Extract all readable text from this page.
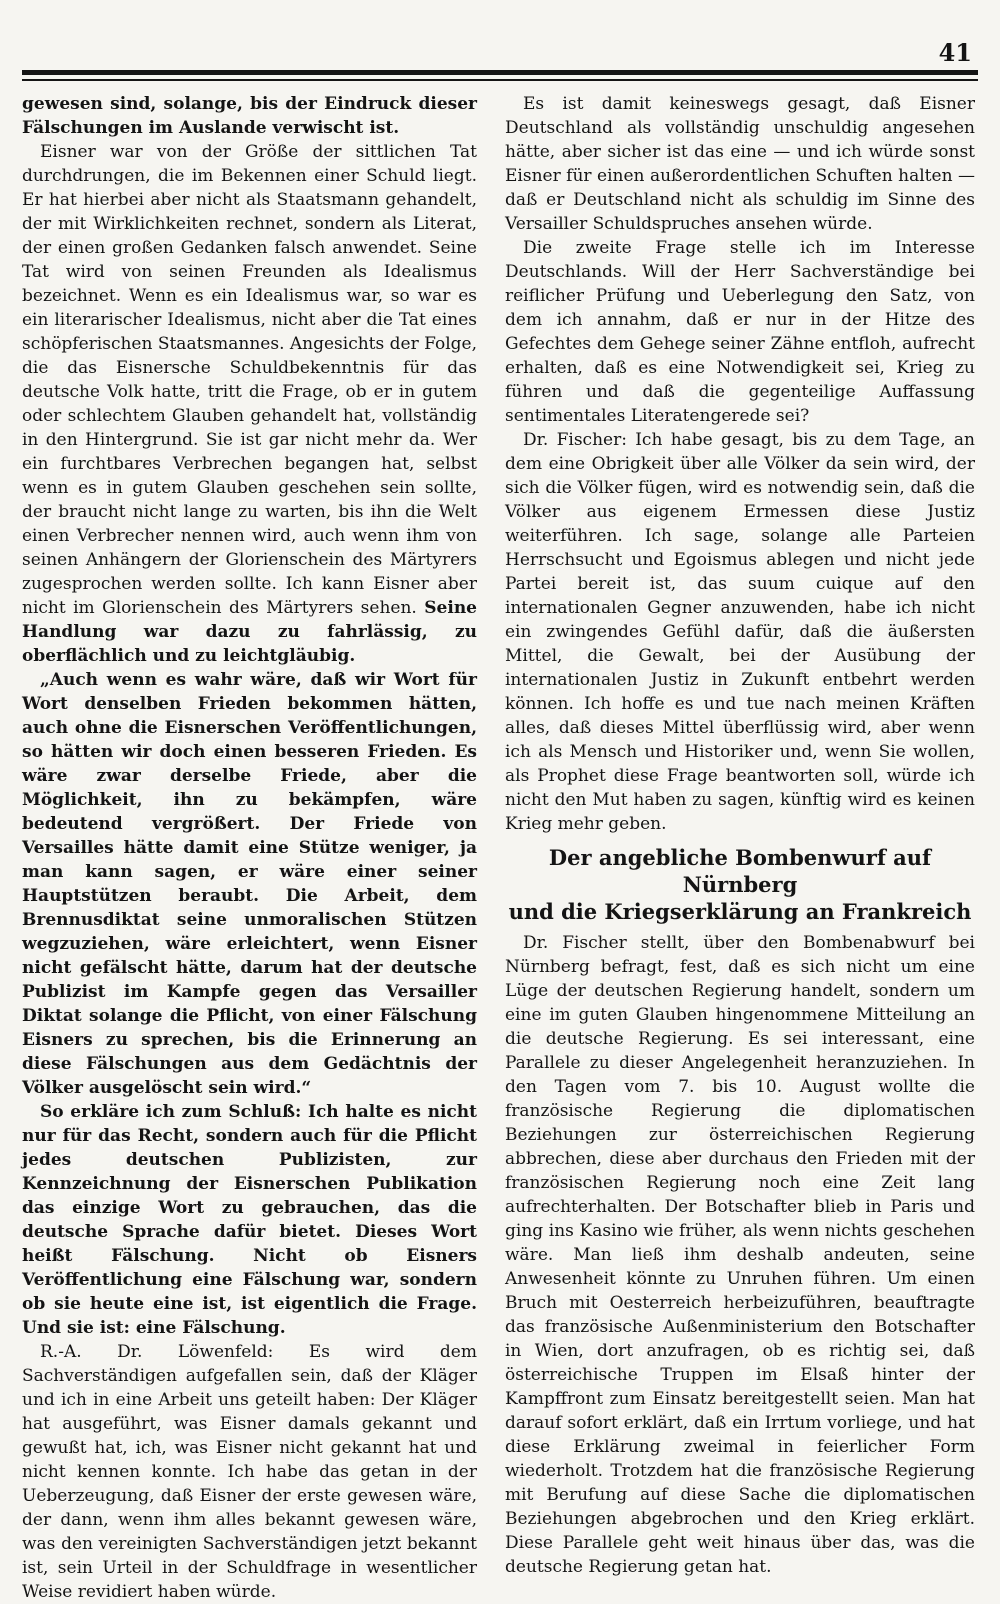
41

gewesen sind, solange, bis der Eindruck dieser Fälschungen im Auslande verwischt ist.

Eisner war von der Größe der sittlichen Tat durchdrungen, die im Bekennen einer Schuld liegt. Er hat hierbei aber nicht als Staatsmann gehandelt, der mit Wirklichkeiten rechnet, sondern als Literat, der einen großen Gedanken falsch anwendet. Seine Tat wird von seinen Freunden als Idealismus bezeichnet. Wenn es ein Idealismus war, so war es ein literarischer Idealismus, nicht aber die Tat eines schöpferischen Staatsmannes. Angesichts der Folge, die das Eisnersche Schuldbekenntnis für das deutsche Volk hatte, tritt die Frage, ob er in gutem oder schlechtem Glauben gehandelt hat, vollständig in den Hintergrund. Sie ist gar nicht mehr da. Wer ein furchtbares Verbrechen begangen hat, selbst wenn es in gutem Glauben geschehen sein sollte, der braucht nicht lange zu warten, bis ihn die Welt einen Verbrecher nennen wird, auch wenn ihm von seinen Anhängern der Glorienschein des Märtyrers zugesprochen werden sollte. Ich kann Eisner aber nicht im Glorienschein des Märtyrers sehen. Seine Handlung war dazu zu fahrlässig, zu oberflächlich und zu leichtgläubig.

„Auch wenn es wahr wäre, daß wir Wort für Wort denselben Frieden bekommen hätten, auch ohne die Eisnerschen Veröffentlichungen, so hätten wir doch einen besseren Frieden. Es wäre zwar derselbe Friede, aber die Möglichkeit, ihn zu bekämpfen, wäre bedeutend vergrößert. Der Friede von Versailles hätte damit eine Stütze weniger, ja man kann sagen, er wäre einer seiner Hauptstützen beraubt. Die Arbeit, dem Brennusdiktat seine unmoralischen Stützen wegzuziehen, wäre erleichtert, wenn Eisner nicht gefälscht hätte, darum hat der deutsche Publizist im Kampfe gegen das Versailler Diktat solange die Pflicht, von einer Fälschung Eisners zu sprechen, bis die Erinnerung an diese Fälschungen aus dem Gedächtnis der Völker ausgelöscht sein wird.“

So erkläre ich zum Schluß: Ich halte es nicht nur für das Recht, sondern auch für die Pflicht jedes deutschen Publizisten, zur Kennzeichnung der Eisnerschen Publikation das einzige Wort zu gebrauchen, das die deutsche Sprache dafür bietet. Dieses Wort heißt Fälschung. Nicht ob Eisners Veröffentlichung eine Fälschung war, sondern ob sie heute eine ist, ist eigentlich die Frage. Und sie ist: eine Fälschung.

R.-A. Dr. Löwenfeld: Es wird dem Sachverständigen aufgefallen sein, daß der Kläger und ich in eine Arbeit uns geteilt haben: Der Kläger hat ausgeführt, was Eisner damals gekannt und gewußt hat, ich, was Eisner nicht gekannt hat und nicht kennen konnte. Ich habe das getan in der Ueberzeugung, daß Eisner der erste gewesen wäre, der dann, wenn ihm alles bekannt gewesen wäre, was den vereinigten Sachverständigen jetzt bekannt ist, sein Urteil in der Schuldfrage in wesentlicher Weise revidiert haben würde.

Es ist damit keineswegs gesagt, daß Eisner Deutschland als vollständig unschuldig angesehen hätte, aber sicher ist das eine — und ich würde sonst Eisner für einen außerordentlichen Schuften halten — daß er Deutschland nicht als schuldig im Sinne des Versailler Schuldspruches ansehen würde.

Die zweite Frage stelle ich im Interesse Deutschlands. Will der Herr Sachverständige bei reiflicher Prüfung und Ueberlegung den Satz, von dem ich annahm, daß er nur in der Hitze des Gefechtes dem Gehege seiner Zähne entfloh, aufrecht erhalten, daß es eine Notwendigkeit sei, Krieg zu führen und daß die gegenteilige Auffassung sentimentales Literatengerede sei?

Dr. Fischer: Ich habe gesagt, bis zu dem Tage, an dem eine Obrigkeit über alle Völker da sein wird, der sich die Völker fügen, wird es notwendig sein, daß die Völker aus eigenem Ermessen diese Justiz weiterführen. Ich sage, solange alle Parteien Herrschsucht und Egoismus ablegen und nicht jede Partei bereit ist, das suum cuique auf den internationalen Gegner anzuwenden, habe ich nicht ein zwingendes Gefühl dafür, daß die äußersten Mittel, die Gewalt, bei der Ausübung der internationalen Justiz in Zukunft entbehrt werden können. Ich hoffe es und tue nach meinen Kräften alles, daß dieses Mittel überflüssig wird, aber wenn ich als Mensch und Historiker und, wenn Sie wollen, als Prophet diese Frage beantworten soll, würde ich nicht den Mut haben zu sagen, künftig wird es keinen Krieg mehr geben.

Der angebliche Bombenwurf auf Nürnberg
und die Kriegserklärung an Frankreich

Dr. Fischer stellt, über den Bombenabwurf bei Nürnberg befragt, fest, daß es sich nicht um eine Lüge der deutschen Regierung handelt, sondern um eine im guten Glauben hingenommene Mitteilung an die deutsche Regierung. Es sei interessant, eine Parallele zu dieser Angelegenheit heranzuziehen. In den Tagen vom 7. bis 10. August wollte die französische Regierung die diplomatischen Beziehungen zur österreichischen Regierung abbrechen, diese aber durchaus den Frieden mit der französischen Regierung noch eine Zeit lang aufrechterhalten. Der Botschafter blieb in Paris und ging ins Kasino wie früher, als wenn nichts geschehen wäre. Man ließ ihm deshalb andeuten, seine Anwesenheit könnte zu Unruhen führen. Um einen Bruch mit Oesterreich herbeizuführen, beauftragte das französische Außenministerium den Botschafter in Wien, dort anzufragen, ob es richtig sei, daß österreichische Truppen im Elsaß hinter der Kampffront zum Einsatz bereitgestellt seien. Man hat darauf sofort erklärt, daß ein Irrtum vorliege, und hat diese Erklärung zweimal in feierlicher Form wiederholt. Trotzdem hat die französische Regierung mit Berufung auf diese Sache die diplomatischen Beziehungen abgebrochen und den Krieg erklärt. Diese Parallele geht weit hinaus über das, was die deutsche Regierung getan hat.
